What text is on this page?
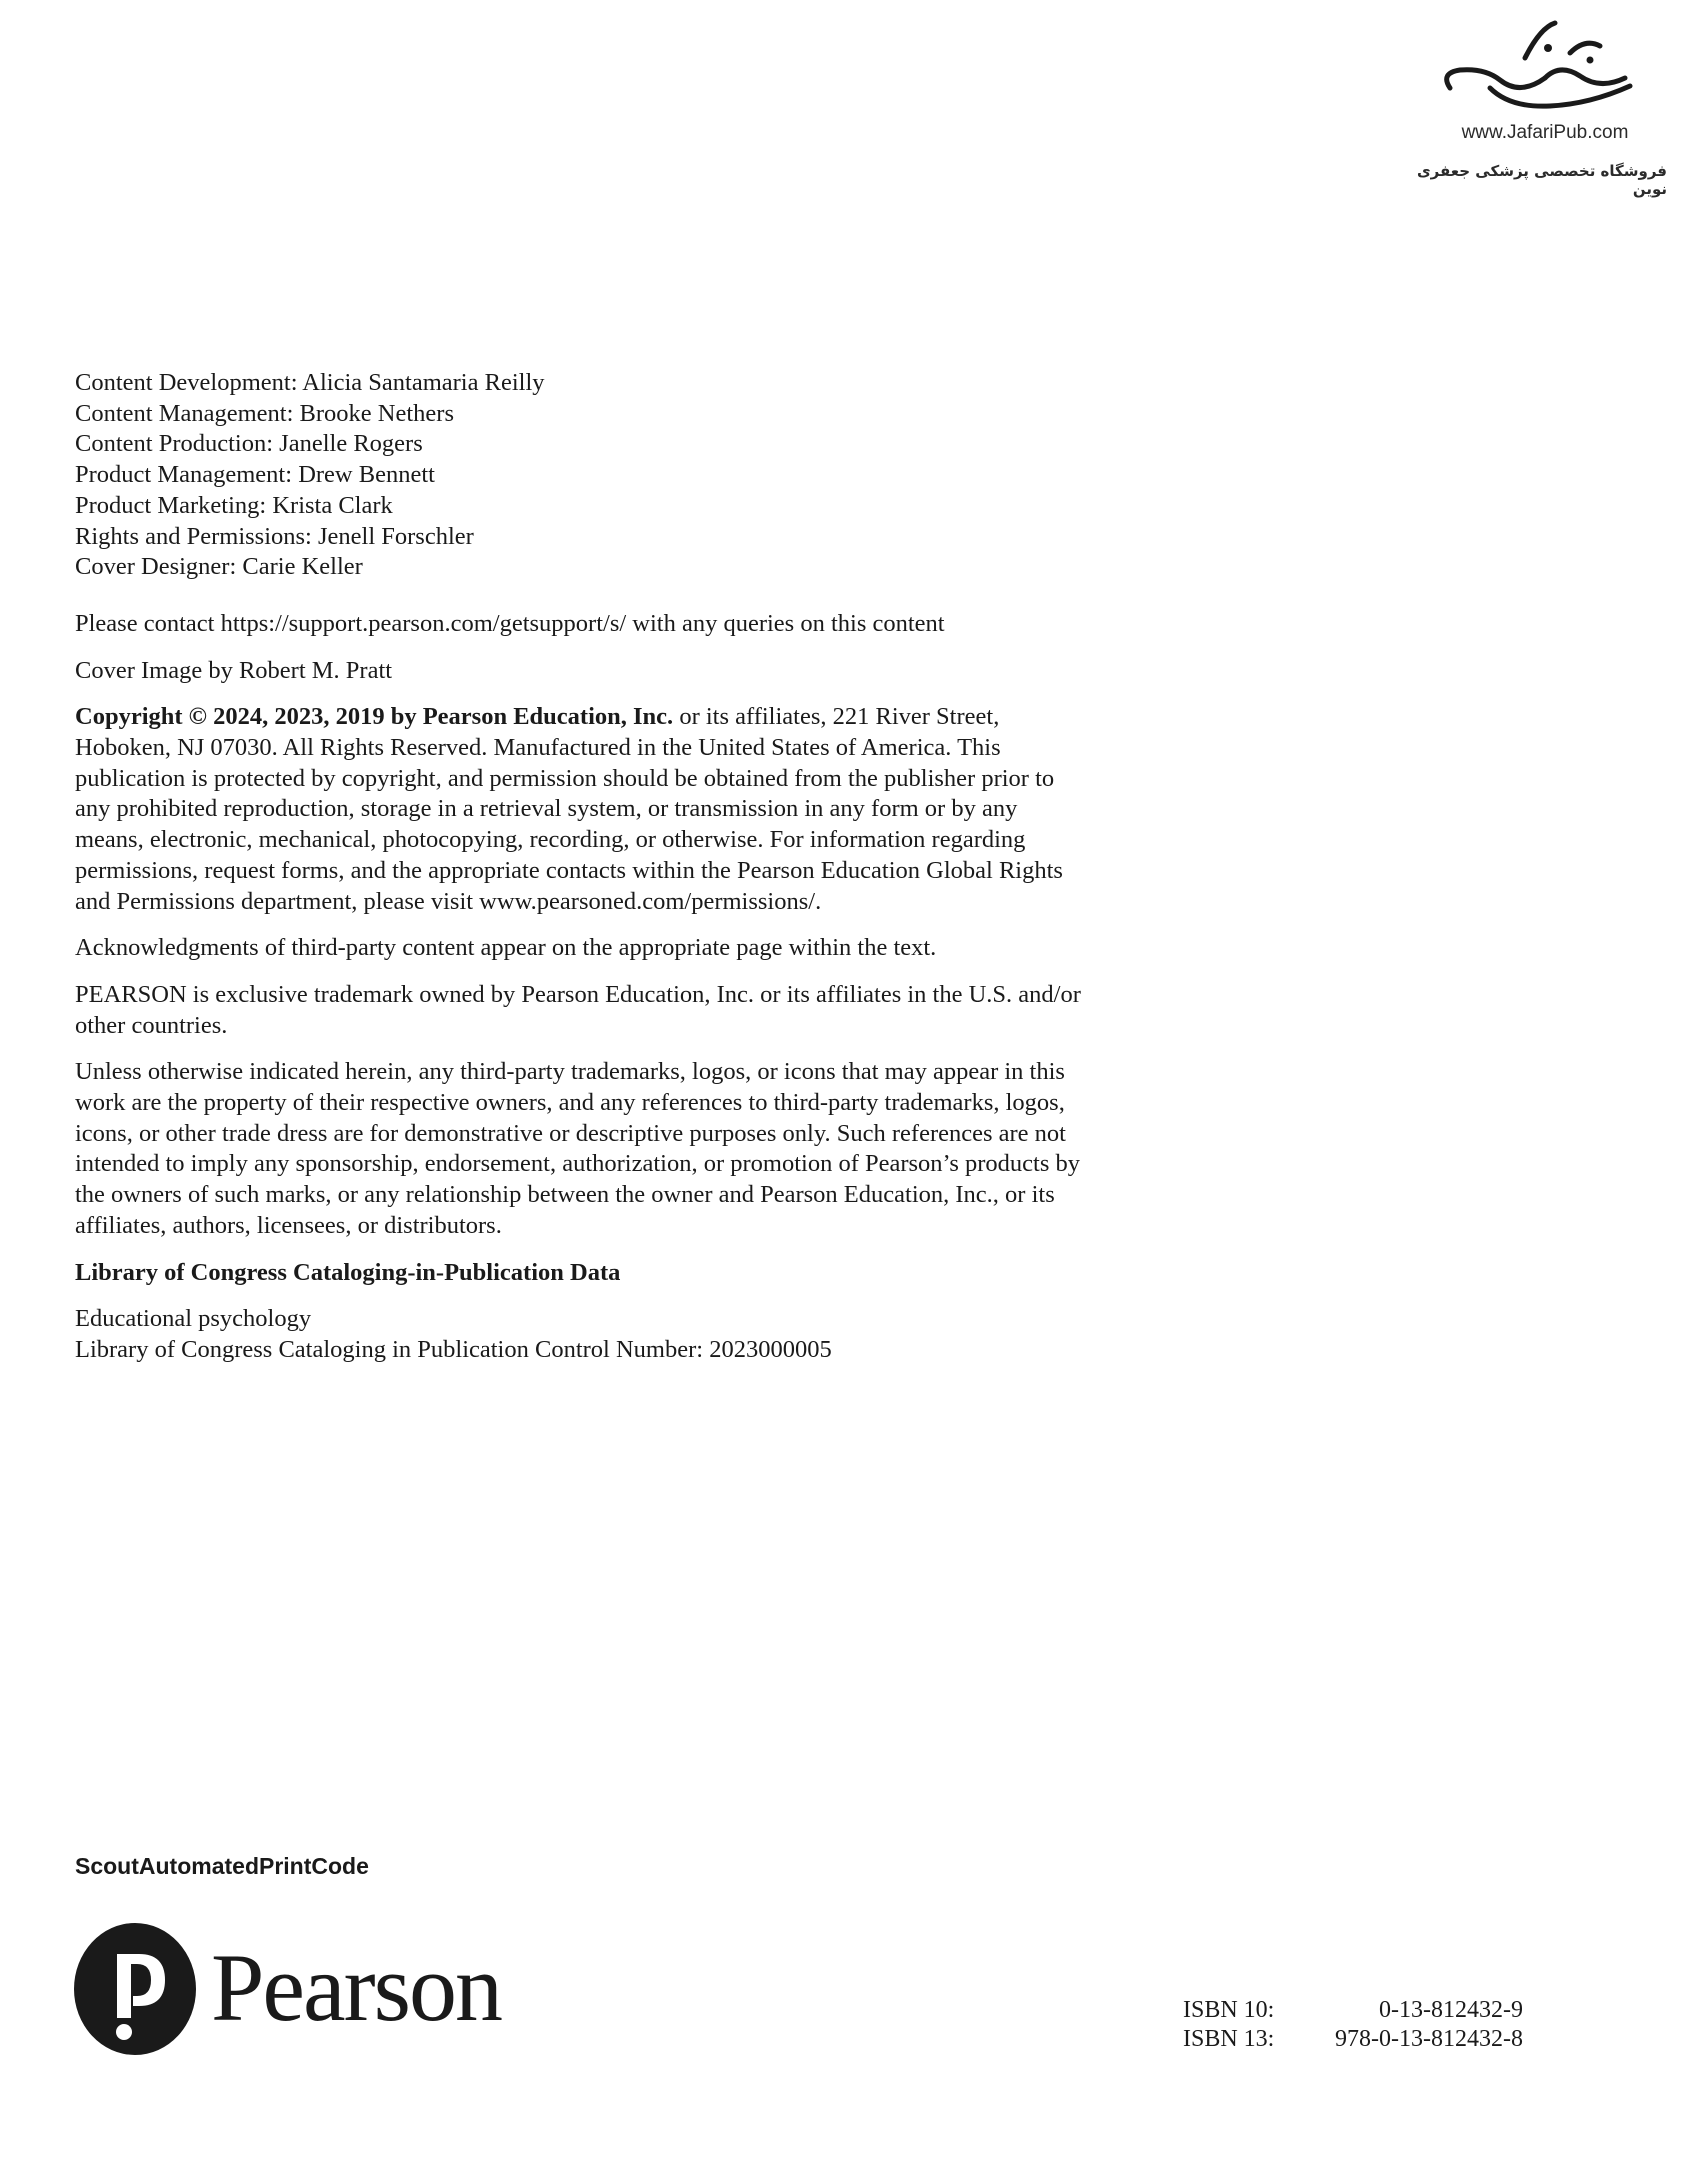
www.JafariPub.com
فروشگاه تخصصی پزشکی جعفری نوین

Content Development: Alicia Santamaria Reilly
Content Management: Brooke Nethers
Content Production: Janelle Rogers
Product Management: Drew Bennett
Product Marketing: Krista Clark
Rights and Permissions: Jenell Forschler
Cover Designer: Carie Keller

Please contact https://support.pearson.com/getsupport/s/ with any queries on this content

Cover Image by Robert M. Pratt

Copyright © 2024, 2023, 2019 by Pearson Education, Inc. or its affiliates, 221 River Street, Hoboken, NJ 07030. All Rights Reserved. Manufactured in the United States of America. This publication is protected by copyright, and permission should be obtained from the publisher prior to any prohibited reproduction, storage in a retrieval system, or transmission in any form or by any means, electronic, mechanical, photocopying, recording, or otherwise. For information regarding permissions, request forms, and the appropriate contacts within the Pearson Education Global Rights and Permissions department, please visit www.pearsoned.com/permissions/.

Acknowledgments of third-party content appear on the appropriate page within the text.

PEARSON is exclusive trademark owned by Pearson Education, Inc. or its affiliates in the U.S. and/or other countries.

Unless otherwise indicated herein, any third-party trademarks, logos, or icons that may appear in this work are the property of their respective owners, and any references to third-party trademarks, logos, icons, or other trade dress are for demonstrative or descriptive purposes only. Such references are not intended to imply any sponsorship, endorsement, authorization, or promotion of Pearson’s products by the owners of such marks, or any relationship between the owner and Pearson Education, Inc., or its affiliates, authors, licensees, or distributors.

Library of Congress Cataloging-in-Publication Data

Educational psychology
Library of Congress Cataloging in Publication Control Number: 2023000005

ScoutAutomatedPrintCode
Pearson	ISBN 10:	0-13-812432-9
ISBN 13:	978-0-13-812432-8
